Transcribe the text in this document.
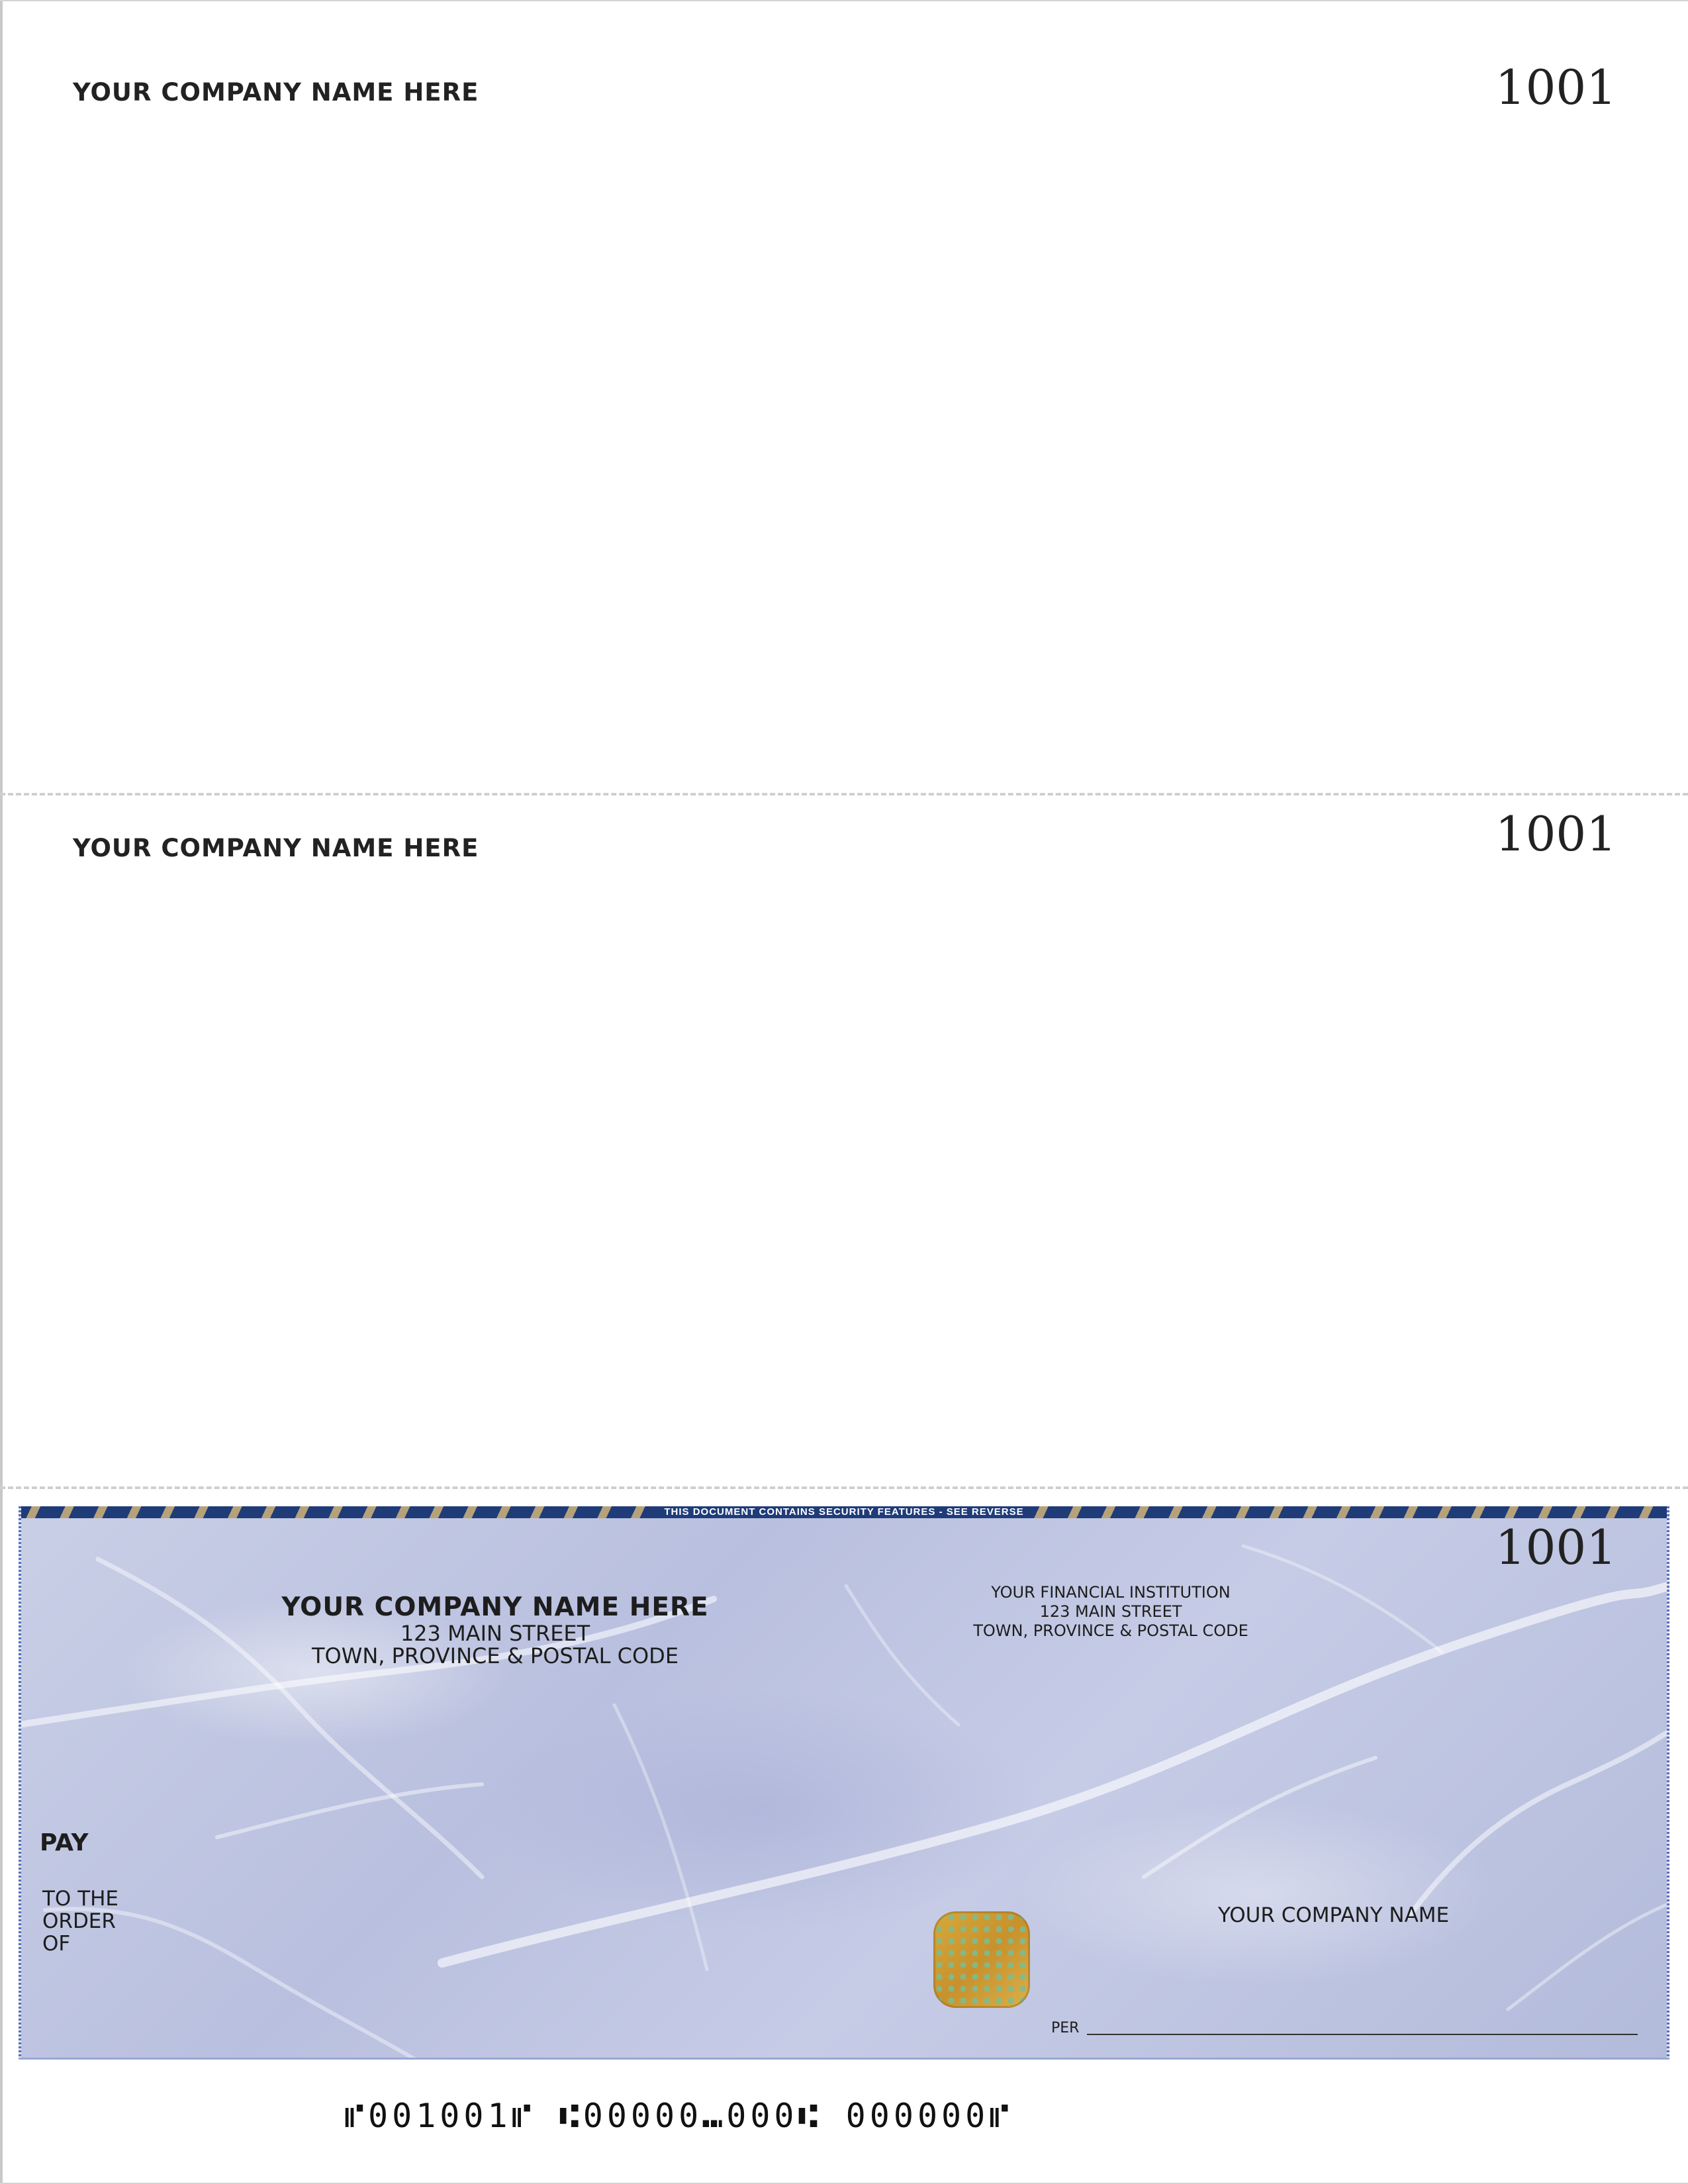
YOUR COMPANY NAME HERE	1001
YOUR COMPANY NAME HERE	1001
THIS DOCUMENT CONTAINS SECURITY FEATURES - SEE REVERSE
1001
YOUR COMPANY NAME HERE
123 MAIN STREET
TOWN, PROVINCE & POSTAL CODE
YOUR FINANCIAL INSTITUTION
123 MAIN STREET
TOWN, PROVINCE & POSTAL CODE
PAY
TO THE
ORDER
OF
YOUR COMPANY NAME
PER
⑈001001⑈ ⑆00000⑉000⑆ 000000⑈
